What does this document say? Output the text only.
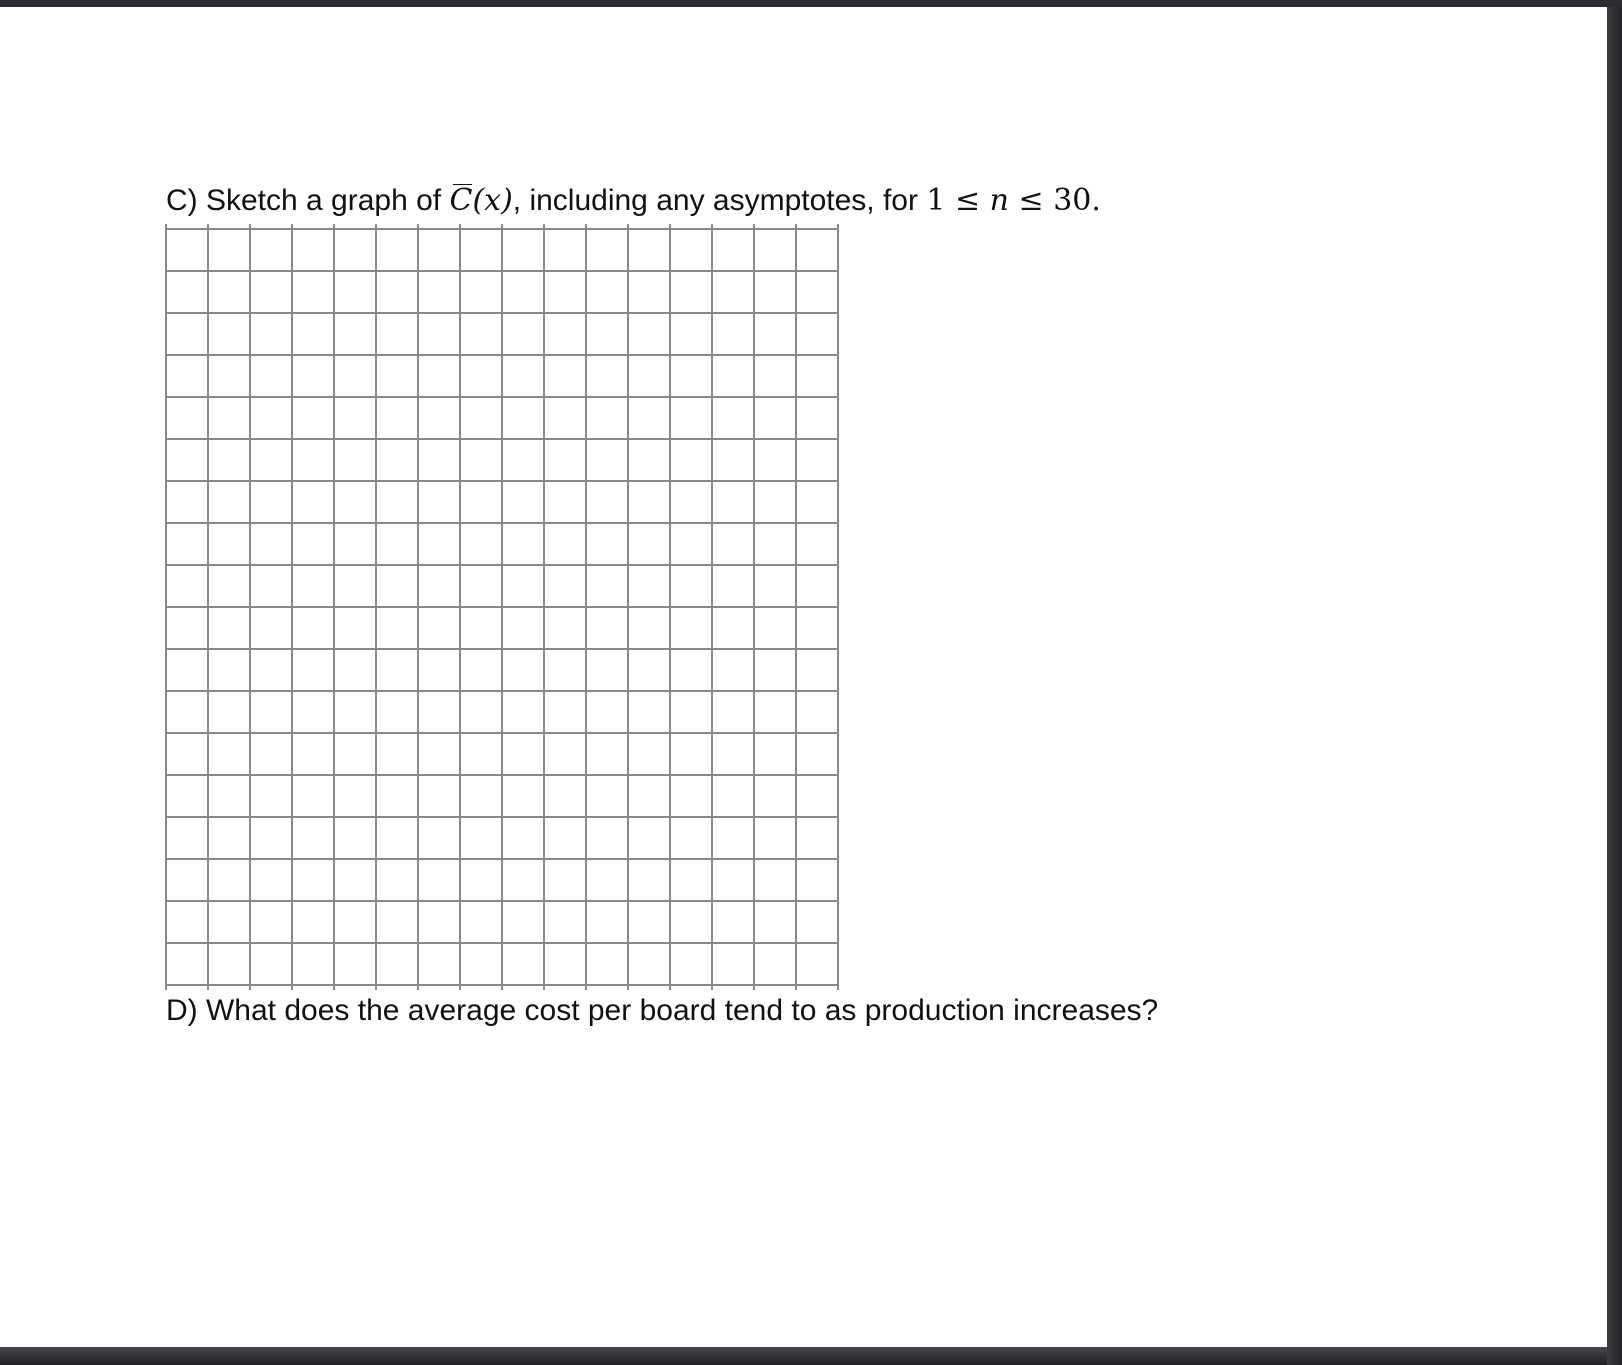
C) Sketch a graph of C(x), including any asymptotes, for 1 ≤ n ≤ 30.

D) What does the average cost per board tend to as production increases?
